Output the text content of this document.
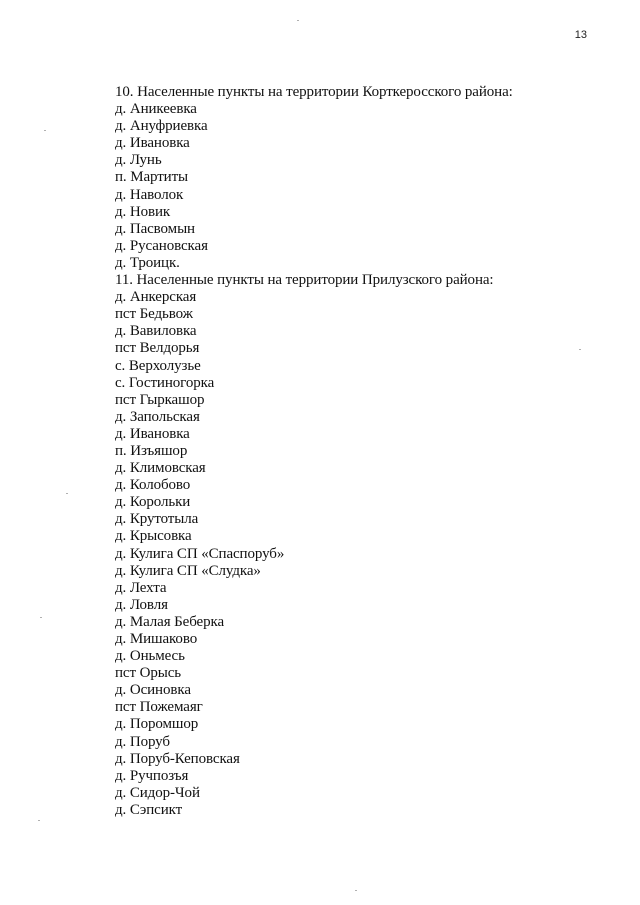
13
10. Населенные пункты на территории Корткеросского района:
д. Аникеевка
д. Ануфриевка
д. Ивановка
д. Лунь
п. Мартиты
д. Наволок
д. Новик
д. Пасвомын
д. Русановская
д. Троицк.
11. Населенные пункты на территории Прилузского района:
д. Анкерская
пст Бедьвож
д. Вавиловка
пст Велдорья
с. Верхолузье
с. Гостиногорка
пст Гыркашор
д. Запольская
д. Ивановка
п. Изъяшор
д. Климовская
д. Колобово
д. Корольки
д. Крутотыла
д. Крысовка
д. Кулига СП «Спаспоруб»
д. Кулига СП «Слудка»
д. Лехта
д. Ловля
д. Малая Беберка
д. Мишаково
д. Оньмесь
пст Орысь
д. Осиновка
пст Пожемаяг
д. Поромшор
д. Поруб
д. Поруб-Кеповская
д. Ручпозъя
д. Сидор-Чой
д. Сэпсикт
